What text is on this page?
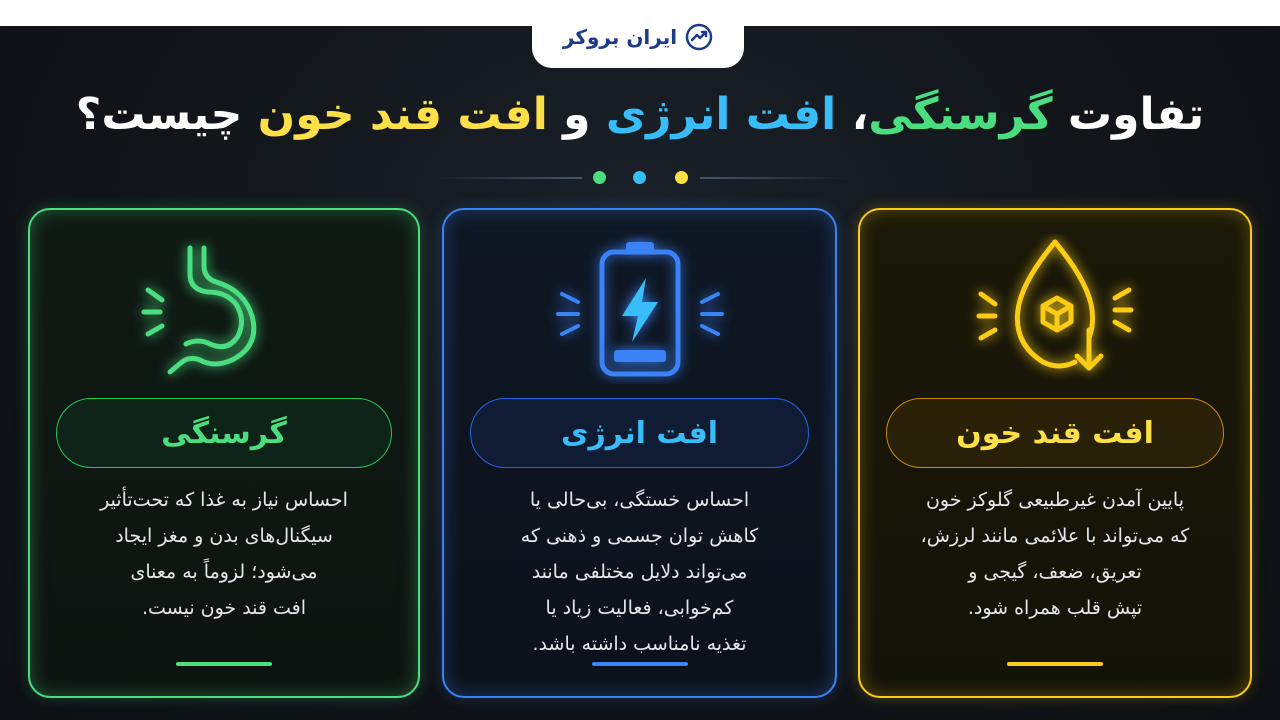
ایران بروکر
تفاوت گرسنگی، افت انرژی و افت قند خون چیست؟
گرسنگی
احساس نیاز به غذا که تحت‌تأثیر
سیگنال‌های بدن و مغز ایجاد
می‌شود؛ لزوماً به معنای
افت قند خون نیست.
افت انرژی
احساس خستگی، بی‌حالی یا
کاهش توان جسمی و ذهنی که
می‌تواند دلایل مختلفی مانند
کم‌خوابی، فعالیت زیاد یا
تغذیه نامناسب داشته باشد.
افت قند خون
پایین آمدن غیرطبیعی گلوکز خون
که می‌تواند با علائمی مانند لرزش،
تعریق، ضعف، گیجی و
تپش قلب همراه شود.
